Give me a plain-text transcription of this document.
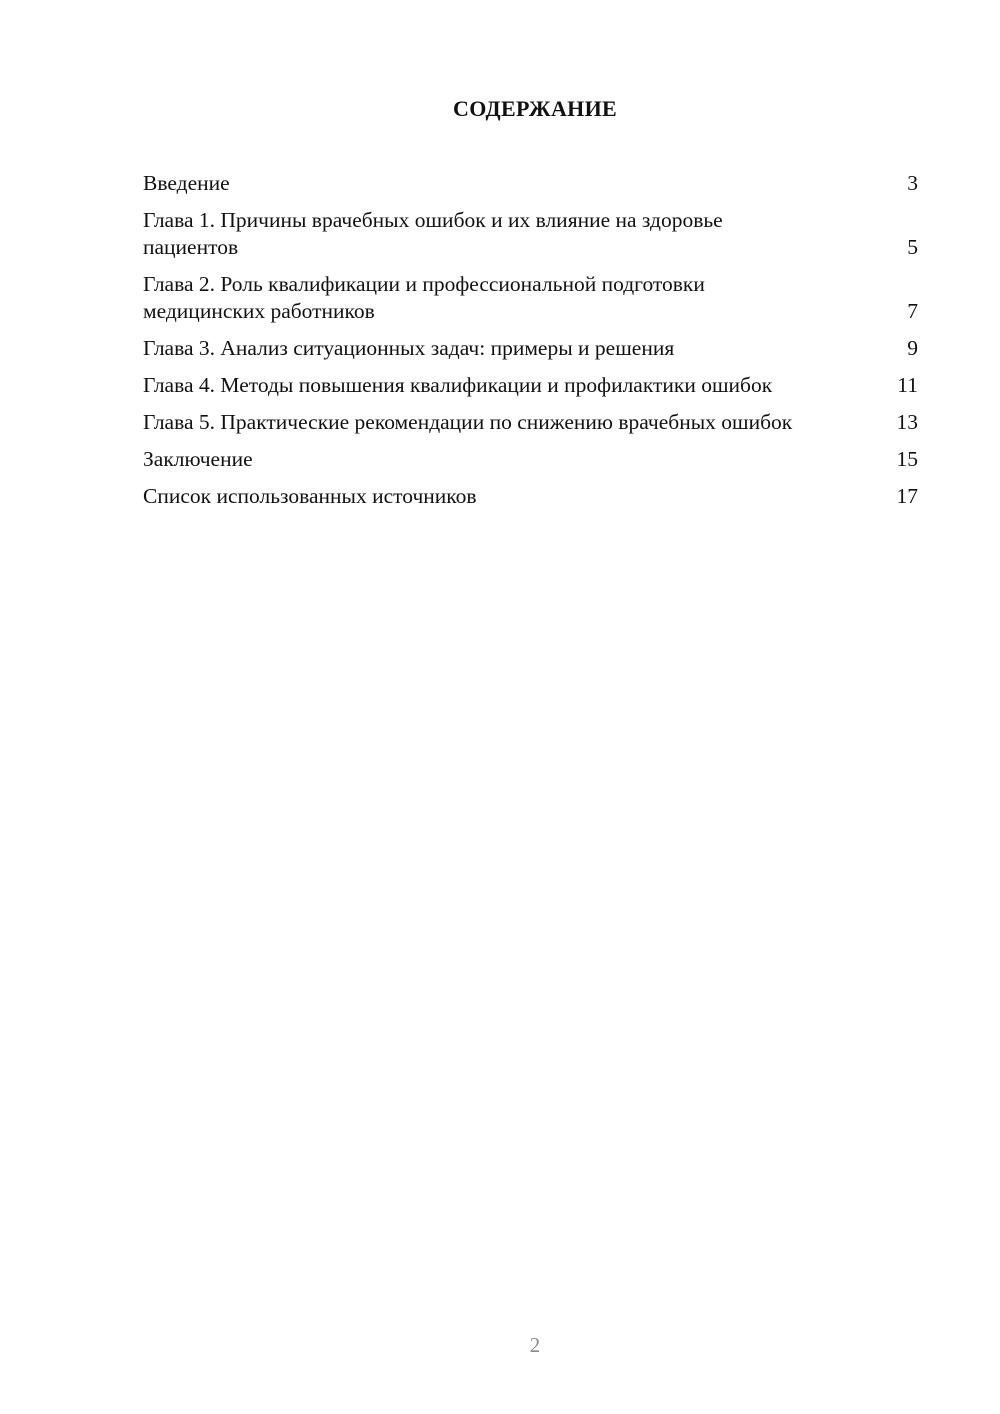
СОДЕРЖАНИЕ
Введение	3
Глава 1. Причины врачебных ошибок и их влияние на здоровье пациентов	5
Глава 2. Роль квалификации и профессиональной подготовки медицинских работников	7
Глава 3. Анализ ситуационных задач: примеры и решения	9
Глава 4. Методы повышения квалификации и профилактики ошибок	11
Глава 5. Практические рекомендации по снижению врачебных ошибок	13
Заключение	15
Список использованных источников	17
2
